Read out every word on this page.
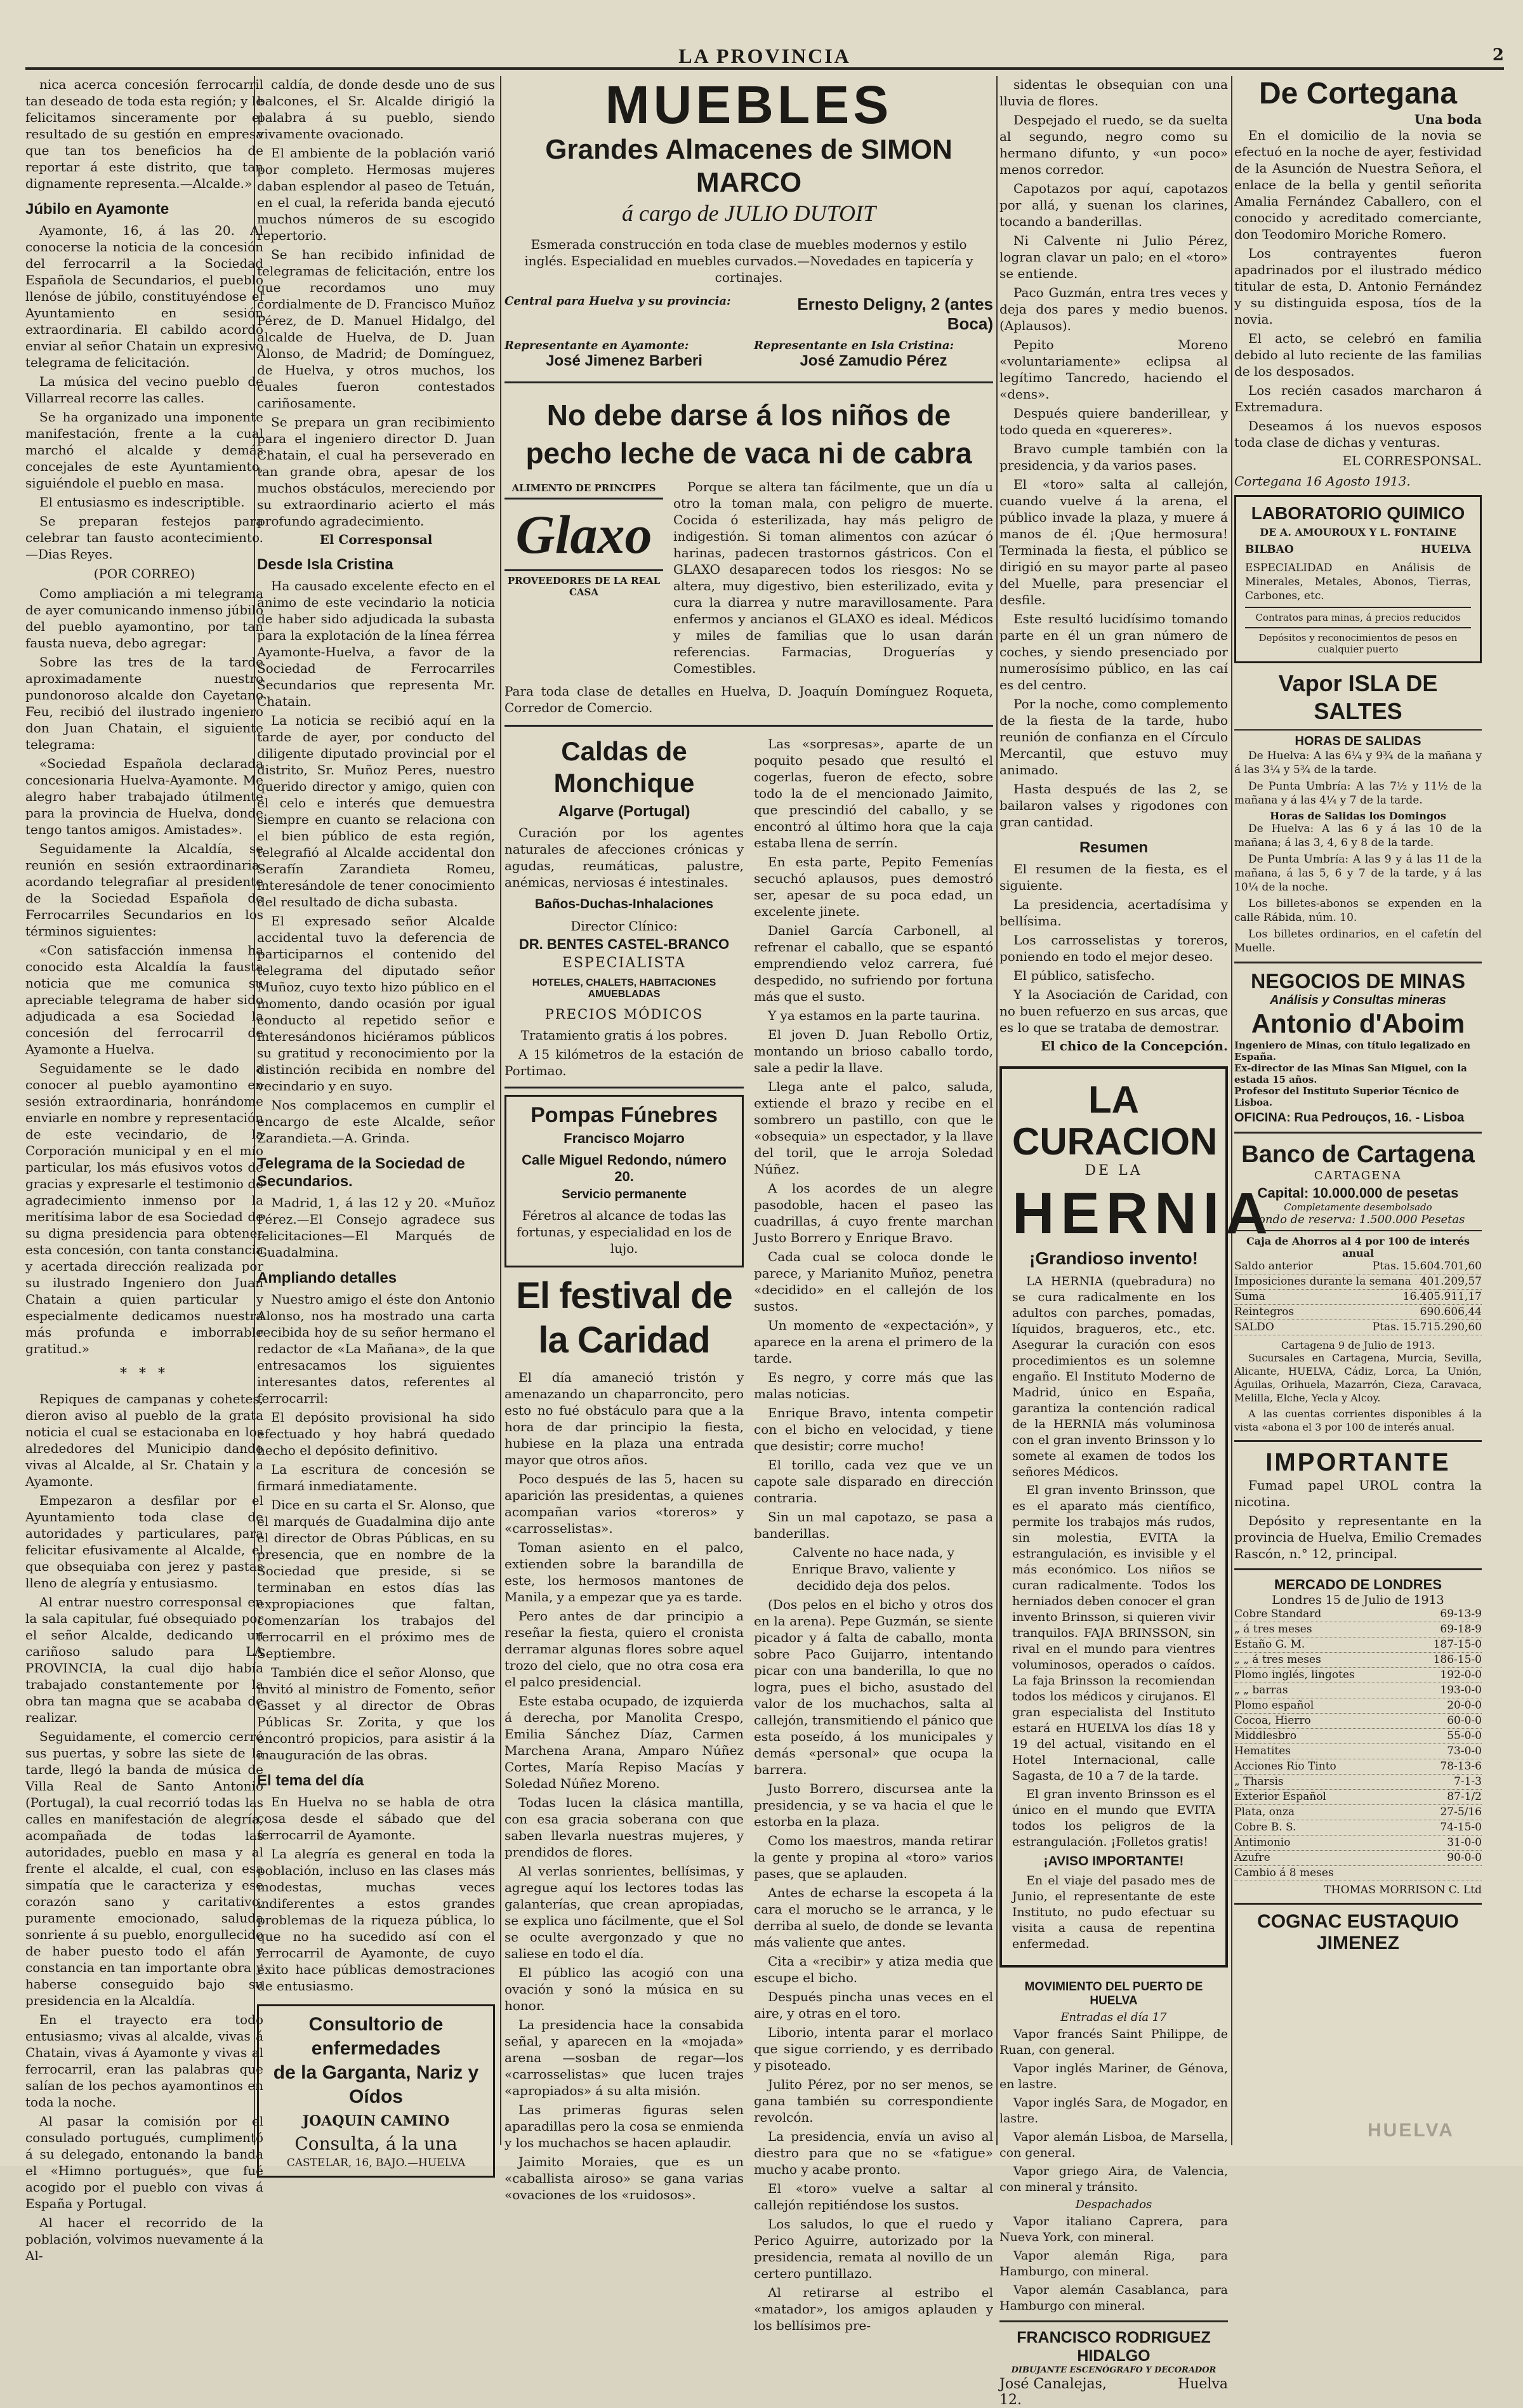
LA PROVINCIA	2

nica acerca concesión ferrocarril tan deseado de toda esta región; y le felicitamos sinceramente por el resultado de su gestión en empresa que tan tos beneficios ha de reportar á este distrito, que tan dignamente representa.—Alcalde.»

Júbilo en Ayamonte

Ayamonte, 16, á las 20. Al conocerse la noticia de la concesión del ferrocarril a la Sociedad Española de Secundarios, el pueblo llenóse de júbilo, constituyéndose el Ayuntamiento en sesión extraordinaria. El cabildo acordó enviar al señor Chatain un expresivo telegrama de felicitación.

La música del vecino pueblo de Villarreal recorre las calles.

Se ha organizado una imponente manifestación, frente a la cual marchó el alcalde y demás concejales de este Ayuntamiento, siguiéndole el pueblo en masa.

El entusiasmo es indescriptible.

Se preparan festejos para celebrar tan fausto acontecimiento.—Dias Reyes.

(POR CORREO)

Como ampliación a mi telegrama de ayer comunicando inmenso júbilo del pueblo ayamontino, por tan fausta nueva, debo agregar:

Sobre las tres de la tarde aproximadamente nuestro pundonoroso alcalde don Cayetano Feu, recibió del ilustrado ingeniero don Juan Chatain, el siguiente telegrama:

«Sociedad Española declarada concesionaria Huelva-Ayamonte. Me alegro haber trabajado útilmente para la provincia de Huelva, donde tengo tantos amigos. Amistades».

Seguidamente la Alcaldía, se reunión en sesión extraordinaria, acordando telegrafiar al presidente de la Sociedad Española de Ferrocarriles Secundarios en los términos siguientes:

«Con satisfacción inmensa ha conocido esta Alcaldía la fausta noticia que me comunica su apreciable telegrama de haber sido adjudicada a esa Sociedad la concesión del ferrocarril de Ayamonte a Huelva.

Seguidamente se le dado a conocer al pueblo ayamontino en sesión extraordinaria, honrándome enviarle en nombre y representación de este vecindario, de la Corporación municipal y en el mío particular, los más efusivos votos de gracias y expresarle el testimonio de agradecimiento inmenso por la meritísima labor de esa Sociedad de su digna presidencia para obtener esta concesión, con tanta constancia y acertada dirección realizada por su ilustrado Ingeniero don Juan Chatain a quien particular y especialmente dedicamos nuestra más profunda e imborrable gratitud.»

* * *

Repiques de campanas y cohetes, dieron aviso al pueblo de la grata noticia el cual se estacionaba en los alrededores del Municipio dando vivas al Alcalde, al Sr. Chatain y a Ayamonte.

Empezaron a desfilar por el Ayuntamiento toda clase de autoridades y particulares, para felicitar efusivamente al Alcalde, el que obsequiaba con jerez y pastas lleno de alegría y entusiasmo.

Al entrar nuestro corresponsal en la sala capitular, fué obsequiado por el señor Alcalde, dedicando un cariñoso saludo para LA PROVINCIA, la cual dijo había trabajado constantemente por la obra tan magna que se acababa de realizar.

Seguidamente, el comercio cerró sus puertas, y sobre las siete de la tarde, llegó la banda de música de Villa Real de Santo Antonio (Portugal), la cual recorrió todas las calles en manifestación de alegría, acompañada de todas las autoridades, pueblo en masa y al frente el alcalde, el cual, con esa simpatía que le caracteriza y ese corazón sano y caritativo, puramente emocionado, saluda sonriente á su pueblo, enorgullecido de haber puesto todo el afán y constancia en tan importante obra y haberse conseguido bajo su presidencia en la Alcaldía.

En el trayecto era todo entusiasmo; vivas al alcalde, vivas á Chatain, vivas á Ayamonte y vivas al ferrocarril, eran las palabras que salían de los pechos ayamontinos en toda la noche.

Al pasar la comisión por el consulado portugués, cumplimentó á su delegado, entonando la banda el «Himno portugués», que fué acogido por el pueblo con vivas á España y Portugal.

Al hacer el recorrido de la población, volvimos nuevamente á la Al-

caldía, de donde desde uno de sus balcones, el Sr. Alcalde dirigió la palabra á su pueblo, siendo vivamente ovacionado.

El ambiente de la población varió por completo. Hermosas mujeres daban esplendor al paseo de Tetuán, en el cual, la referida banda ejecutó muchos números de su escogido repertorio.

Se han recibido infinidad de telegramas de felicitación, entre los que recordamos uno muy cordialmente de D. Francisco Muñoz Pérez, de D. Manuel Hidalgo, del alcalde de Huelva, de D. Juan Alonso, de Madrid; de Domínguez, de Huelva, y otros muchos, los cuales fueron contestados cariñosamente.

Se prepara un gran recibimiento para el ingeniero director D. Juan Chatain, el cual ha perseverado en tan grande obra, apesar de los muchos obstáculos, mereciendo por su extraordinario acierto el más profundo agradecimiento.

El Corresponsal
Desde Isla Cristina

Ha causado excelente efecto en el ánimo de este vecindario la noticia de haber sido adjudicada la subasta para la explotación de la línea férrea Ayamonte-Huelva, a favor de la Sociedad de Ferrocarriles Secundarios que representa Mr. Chatain.

La noticia se recibió aquí en la tarde de ayer, por conducto del diligente diputado provincial por el distrito, Sr. Muñoz Peres, nuestro querido director y amigo, quien con el celo e interés que demuestra siempre en cuanto se relaciona con el bien público de esta región, telegrafió al Alcalde accidental don Serafín Zarandieta Romeu, interesándole de tener conocimiento del resultado de dicha subasta.

El expresado señor Alcalde accidental tuvo la deferencia de participarnos el contenido del telegrama del diputado señor Muñoz, cuyo texto hizo público en el momento, dando ocasión por igual conducto al repetido señor e interesándonos hiciéramos públicos su gratitud y reconocimiento por la distinción recibida en nombre del vecindario y en suyo.

Nos complacemos en cumplir el encargo de este Alcalde, señor Zarandieta.—A. Grinda.

Telegrama de la Sociedad de Secundarios.

Madrid, 1, á las 12 y 20. «Muñoz Pérez.—El Consejo agradece sus felicitaciones—El Marqués de Guadalmina.

Ampliando detalles

Nuestro amigo el éste don Antonio Alonso, nos ha mostrado una carta recibida hoy de su señor hermano el redactor de «La Mañana», de la que entresacamos los siguientes interesantes datos, referentes al ferrocarril:

El depósito provisional ha sido efectuado y hoy habrá quedado hecho el depósito definitivo.

La escritura de concesión se firmará inmediatamente.

Dice en su carta el Sr. Alonso, que el marqués de Guadalmina dijo ante el director de Obras Públicas, en su presencia, que en nombre de la Sociedad que preside, si se terminaban en estos días las expropiaciones que faltan, comenzarían los trabajos del ferrocarril en el próximo mes de Septiembre.

También dice el señor Alonso, que invitó al ministro de Fomento, señor Gasset y al director de Obras Públicas Sr. Zorita, y que los encontró propicios, para asistir á la inauguración de las obras.

El tema del día

En Huelva no se habla de otra cosa desde el sábado que del ferrocarril de Ayamonte.

La alegría es general en toda la población, incluso en las clases más modestas, muchas veces indiferentes a estos grandes problemas de la riqueza pública, lo que no ha sucedido así con el ferrocarril de Ayamonte, de cuyo éxito hace públicas demostraciones de entusiasmo.

Consultorio de enfermedades
de la Garganta, Nariz y Oídos
JOAQUIN CAMINO
Consulta, á la una
CASTELAR, 16, BAJO.—HUELVA
MUEBLES
Grandes Almacenes de SIMON MARCO
á cargo de JULIO DUTOIT
Esmerada construcción en toda clase de muebles modernos y estilo inglés. Especialidad en muebles curvados.—Novedades en tapicería y cortinajes.
Central para Huelva y su provincia:	Ernesto Deligny, 2 (antes Boca)
Representante en Ayamonte:
José Jimenez Barberi
Representante en Isla Cristina:
José Zamudio Pérez
No debe darse á los niños de pecho leche de vaca ni de cabra
ALIMENTO DE PRINCIPES
Glaxo
PROVEEDORES DE LA REAL CASA

Porque se altera tan fácilmente, que un día u otro la toman mala, con peligro de muerte. Cocida ó esterilizada, hay más peligro de indigestión. Si toman alimentos con azúcar ó harinas, padecen trastornos gástricos. Con el GLAXO desaparecen todos los riesgos: No se altera, muy digestivo, bien esterilizado, evita y cura la diarrea y nutre maravillosamente. Para enfermos y ancianos el GLAXO es ideal. Médicos y miles de familias que lo usan darán referencias. Farmacias, Droguerías y Comestibles.

Para toda clase de detalles en Huelva, D. Joaquín Domínguez Roqueta, Corredor de Comercio.

Caldas de Monchique
Algarve (Portugal)

Curación por los agentes naturales de afecciones crónicas y agudas, reumáticas, palustre, anémicas, nerviosas é intestinales.

Baños-Duchas-Inhalaciones
Director Clínico:
DR. BENTES CASTEL-BRANCO
ESPECIALISTA
HOTELES, CHALETS, HABITACIONES AMUEBLADAS
PRECIOS MÓDICOS

Tratamiento gratis á los pobres.

A 15 kilómetros de la estación de Portimao.

Pompas Fúnebres
Francisco Mojarro
Calle Miguel Redondo, número 20.
Servicio permanente

Féretros al alcance de todas las fortunas, y especialidad en los de lujo.

El festival de la Caridad

El día amaneció tristón y amenazando un chaparroncito, pero esto no fué obstáculo para que a la hora de dar principio la fiesta, hubiese en la plaza una entrada mayor que otros años.

Poco después de las 5, hacen su aparición las presidentas, a quienes acompañan varios «toreros» y «carrosselistas».

Toman asiento en el palco, extienden sobre la barandilla de este, los hermosos mantones de Manila, y a empezar que ya es tarde.

Pero antes de dar principio a reseñar la fiesta, quiero el cronista derramar algunas flores sobre aquel trozo del cielo, que no otra cosa era el palco presidencial.

Este estaba ocupado, de izquierda á derecha, por Manolita Crespo, Emilia Sánchez Díaz, Carmen Marchena Arana, Amparo Núñez Cortes, María Repiso Macías y Soledad Núñez Moreno.

Todas lucen la clásica mantilla, con esa gracia soberana con que saben llevarla nuestras mujeres, y prendidos de flores.

Al verlas sonrientes, bellísimas, y agregue aquí los lectores todas las galanterías, que crean apropiadas, se explica uno fácilmente, que el Sol se oculte avergonzado y que no saliese en todo el día.

El público las acogió con una ovación y sonó la música en su honor.

La presidencia hace la consabida señal, y aparecen en la «mojada» arena —sosban de regar—los «carrosselistas» que lucen trajes «apropiados» á su alta misión.

Las primeras figuras selen aparadillas pero la cosa se enmienda y los muchachos se hacen aplaudir.

Jaimito Moraies, que es un «caballista airoso» se gana varias «ovaciones de los «ruidosos».

Las «sorpresas», aparte de un poquito pesado que resultó el cogerlas, fueron de efecto, sobre todo la de el mencionado Jaimito, que prescindió del caballo, y se encontró al último hora que la caja estaba llena de serrín.

En esta parte, Pepito Femenías secuchó aplausos, pues demostró ser, apesar de su poca edad, un excelente jinete.

Daniel García Carbonell, al refrenar el caballo, que se espantó emprendiendo veloz carrera, fué despedido, no sufriendo por fortuna más que el susto.

Y ya estamos en la parte taurina.

El joven D. Juan Rebollo Ortiz, montando un brioso caballo tordo, sale a pedir la llave.

Llega ante el palco, saluda, extiende el brazo y recibe en el sombrero un pastillo, con que le «obsequia» un espectador, y la llave del toril, que le arroja Soledad Núñez.

A los acordes de un alegre pasodoble, hacen el paseo las cuadrillas, á cuyo frente marchan Justo Borrero y Enrique Bravo.

Cada cual se coloca donde le parece, y Marianito Muñoz, penetra «decidido» en el callejón de los sustos.

Un momento de «expectación», y aparece en la arena el primero de la tarde.

Es negro, y corre más que las malas noticias.

Enrique Bravo, intenta competir con el bicho en velocidad, y tiene que desistir; corre mucho!

El torillo, cada vez que ve un capote sale disparado en dirección contraria.

Sin un mal capotazo, se pasa a banderillas.

Calvente no hace nada, y Enrique Bravo, valiente y decidido deja dos pelos.

(Dos pelos en el bicho y otros dos en la arena). Pepe Guzmán, se siente picador y á falta de caballo, monta sobre Paco Guijarro, intentando picar con una banderilla, lo que no logra, pues el bicho, asustado del valor de los muchachos, salta al callejón, transmitiendo el pánico que esta poseído, á los municipales y demás «personal» que ocupa la barrera.

Justo Borrero, discursea ante la presidencia, y se va hacia el que le estorba en la plaza.

Como los maestros, manda retirar la gente y propina al «toro» varios pases, que se aplauden.

Antes de echarse la escopeta á la cara el morucho se le arranca, y le derriba al suelo, de donde se levanta más valiente que antes.

Cita a «recibir» y atiza media que escupe el bicho.

Después pincha unas veces en el aire, y otras en el toro.

Liborio, intenta parar el morlaco que sigue corriendo, y es derribado y pisoteado.

Julito Pérez, por no ser menos, se gana también su correspondiente revolcón.

La presidencia, envía un aviso al diestro para que no se «fatigue» mucho y acabe pronto.

El «toro» vuelve a saltar al callejón repitiéndose los sustos.

Los saludos, lo que el ruedo y Perico Aguirre, autorizado por la presidencia, remata al novillo de un certero puntillazo.

Al retirarse al estribo el «matador», los amigos aplauden y los bellísimos pre-

sidentas le obsequian con una lluvia de flores.

Despejado el ruedo, se da suelta al segundo, negro como su hermano difunto, y «un poco» menos corredor.

Capotazos por aquí, capotazos por allá, y suenan los clarines, tocando a banderillas.

Ni Calvente ni Julio Pérez, logran clavar un palo; en el «toro» se entiende.

Paco Guzmán, entra tres veces y deja dos pares y medio buenos. (Aplausos).

Pepito Moreno «voluntariamente» eclipsa al legítimo Tancredo, haciendo el «dens».

Después quiere banderillear, y todo queda en «quereres».

Bravo cumple también con la presidencia, y da varios pases.

El «toro» salta al callejón, cuando vuelve á la arena, el público invade la plaza, y muere á manos de él. ¡Que hermosura! Terminada la fiesta, el público se dirigió en su mayor parte al paseo del Muelle, para presenciar el desfile.

Este resultó lucidísimo tomando parte en él un gran número de coches, y siendo presenciado por numerosísimo público, en las caí es del centro.

Por la noche, como complemento de la fiesta de la tarde, hubo reunión de confianza en el Círculo Mercantil, que estuvo muy animado.

Hasta después de las 2, se bailaron valses y rigodones con gran cantidad.

Resumen

El resumen de la fiesta, es el siguiente.

La presidencia, acertadísima y bellísima.

Los carrosselistas y toreros, poniendo en todo el mejor deseo.

El público, satisfecho.

Y la Asociación de Caridad, con no buen refuerzo en sus arcas, que es lo que se trataba de demostrar.

El chico de la Concepción.
LA CURACION
DE LA
HERNIA
¡Grandioso invento!

LA HERNIA (quebradura) no se cura radicalmente en los adultos con parches, pomadas, líquidos, bragueros, etc., etc. Asegurar la curación con esos procedimientos es un solemne engaño. El Instituto Moderno de Madrid, único en España, garantiza la contención radical de la HERNIA más voluminosa con el gran invento Brinsson y lo somete al examen de todos los señores Médicos.

El gran invento Brinsson, que es el aparato más científico, permite los trabajos más rudos, sin molestia, EVITA la estrangulación, es invisible y el más económico. Los niños se curan radicalmente. Todos los herniados deben conocer el gran invento Brinsson, si quieren vivir tranquilos. FAJA BRINSSON, sin rival en el mundo para vientres voluminosos, operados o caídos. La faja Brinsson la recomiendan todos los médicos y cirujanos. El gran especialista del Instituto estará en HUELVA los días 18 y 19 del actual, visitando en el Hotel Internacional, calle Sagasta, de 10 a 7 de la tarde.

El gran invento Brinsson es el único en el mundo que EVITA todos los peligros de la estrangulación. ¡Folletos gratis!

¡AVISO IMPORTANTE!

En el viaje del pasado mes de Junio, el representante de este Instituto, no pudo efectuar su visita a causa de repentina enfermedad.

MOVIMIENTO DEL PUERTO DE HUELVA
Entradas el día 17

Vapor francés Saint Philippe, de Ruan, con general.

Vapor inglés Mariner, de Génova, en lastre.

Vapor inglés Sara, de Mogador, en lastre.

Vapor alemán Lisboa, de Marsella, con general.

Vapor griego Aira, de Valencia, con mineral y tránsito.

Despachados

Vapor italiano Caprera, para Nueva York, con mineral.

Vapor alemán Riga, para Hamburgo, con mineral.

Vapor alemán Casablanca, para Hamburgo con mineral.

FRANCISCO RODRIGUEZ HIDALGO
DIBUJANTE ESCENÓGRAFO Y DECORADOR
José Canalejas, 12.
Huelva
De Cortegana
Una boda

En el domicilio de la novia se efectuó en la noche de ayer, festividad de la Asunción de Nuestra Señora, el enlace de la bella y gentil señorita Amalia Fernández Caballero, con el conocido y acreditado comerciante, don Teodomiro Moriche Romero.

Los contrayentes fueron apadrinados por el ilustrado médico titular de esta, D. Antonio Fernández y su distinguida esposa, tíos de la novia.

El acto, se celebró en familia debido al luto reciente de las familias de los desposados.

Los recién casados marcharon á Extremadura.

Deseamos á los nuevos esposos toda clase de dichas y venturas.

EL CORRESPONSAL.
Cortegana 16 Agosto 1913.
LABORATORIO QUIMICO
DE A. AMOUROUX Y L. FONTAINE
BILBAO	HUELVA

ESPECIALIDAD en Análisis de Minerales, Metales, Abonos, Tierras, Carbones, etc.

Contratos para minas, á precios reducidos
Depósitos y reconocimientos de pesos en cualquier puerto
Vapor ISLA DE SALTES
HORAS DE SALIDAS

De Huelva: A las 6¼ y 9¾ de la mañana y á las 3¼ y 5¾ de la tarde.

De Punta Umbría: A las 7½ y 11½ de la mañana y á las 4¼ y 7 de la tarde.

Horas de Salidas los Domingos

De Huelva: A las 6 y á las 10 de la mañana; á las 3, 4, 6 y 8 de la tarde.

De Punta Umbría: A las 9 y á las 11 de la mañana, á las 5, 6 y 7 de la tarde, y á las 10¼ de la noche.

Los billetes-abonos se expenden en la calle Rábida, núm. 10.

Los billetes ordinarios, en el cafetín del Muelle.

NEGOCIOS DE MINAS
Análisis y Consultas mineras
Antonio d'Aboim
Ingeniero de Minas, con título legalizado en España.
Ex-director de las Minas San Miguel, con la estada 15 años.
Profesor del Instituto Superior Técnico de Lisboa.
OFICINA: Rua Pedrouços, 16. - Lisboa
Banco de Cartagena
CARTAGENA
Capital: 10.000.000 de pesetas
Completamente desembolsado
Fondo de reserva: 1.500.000 Pesetas
Caja de Ahorros al 4 por 100 de interés anual
Saldo anterior	Ptas. 15.604.701,60
Imposiciones durante la semana 401.209,57
Suma	16.405.911,17
Reintegros	690.606,44
SALDO	Ptas. 15.715.290,60
Cartagena 9 de Julio de 1913.

Sucursales en Cartagena, Murcia, Sevilla, Alicante, HUELVA, Cádiz, Lorca, La Unión, Águilas, Orihuela, Mazarrón, Cieza, Caravaca, Melilla, Elche, Yecla y Alcoy.

A las cuentas corrientes disponibles á la vista «abona el 3 por 100 de interés anual.

IMPORTANTE

Fumad papel UROL contra la nicotina.

Depósito y representante en la provincia de Huelva, Emilio Cremades Rascón, n.° 12, principal.

MERCADO DE LONDRES
Londres 15 de Julio de 1913
Cobre Standard	69-13-9
„ á tres meses	69-18-9
Estaño G. M.	187-15-0
„ „ á tres meses	186-15-0
Plomo inglés, lingotes	192-0-0
„ „ barras	193-0-0
Plomo español	20-0-0
Cocoa, Hierro	60-0-0
Middlesbro	55-0-0
Hematites	73-0-0
Acciones Rio Tinto	78-13-6
„ Tharsis	7-1-3
Exterior Español	87-1/2
Plata, onza	27-5/16
Cobre B. S.	74-15-0
Antimonio	31-0-0
Azufre	90-0-0
Cambio á 8 meses
THOMAS MORRISON C. Ltd
COGNAC EUSTAQUIO JIMENEZ
HUELVA
